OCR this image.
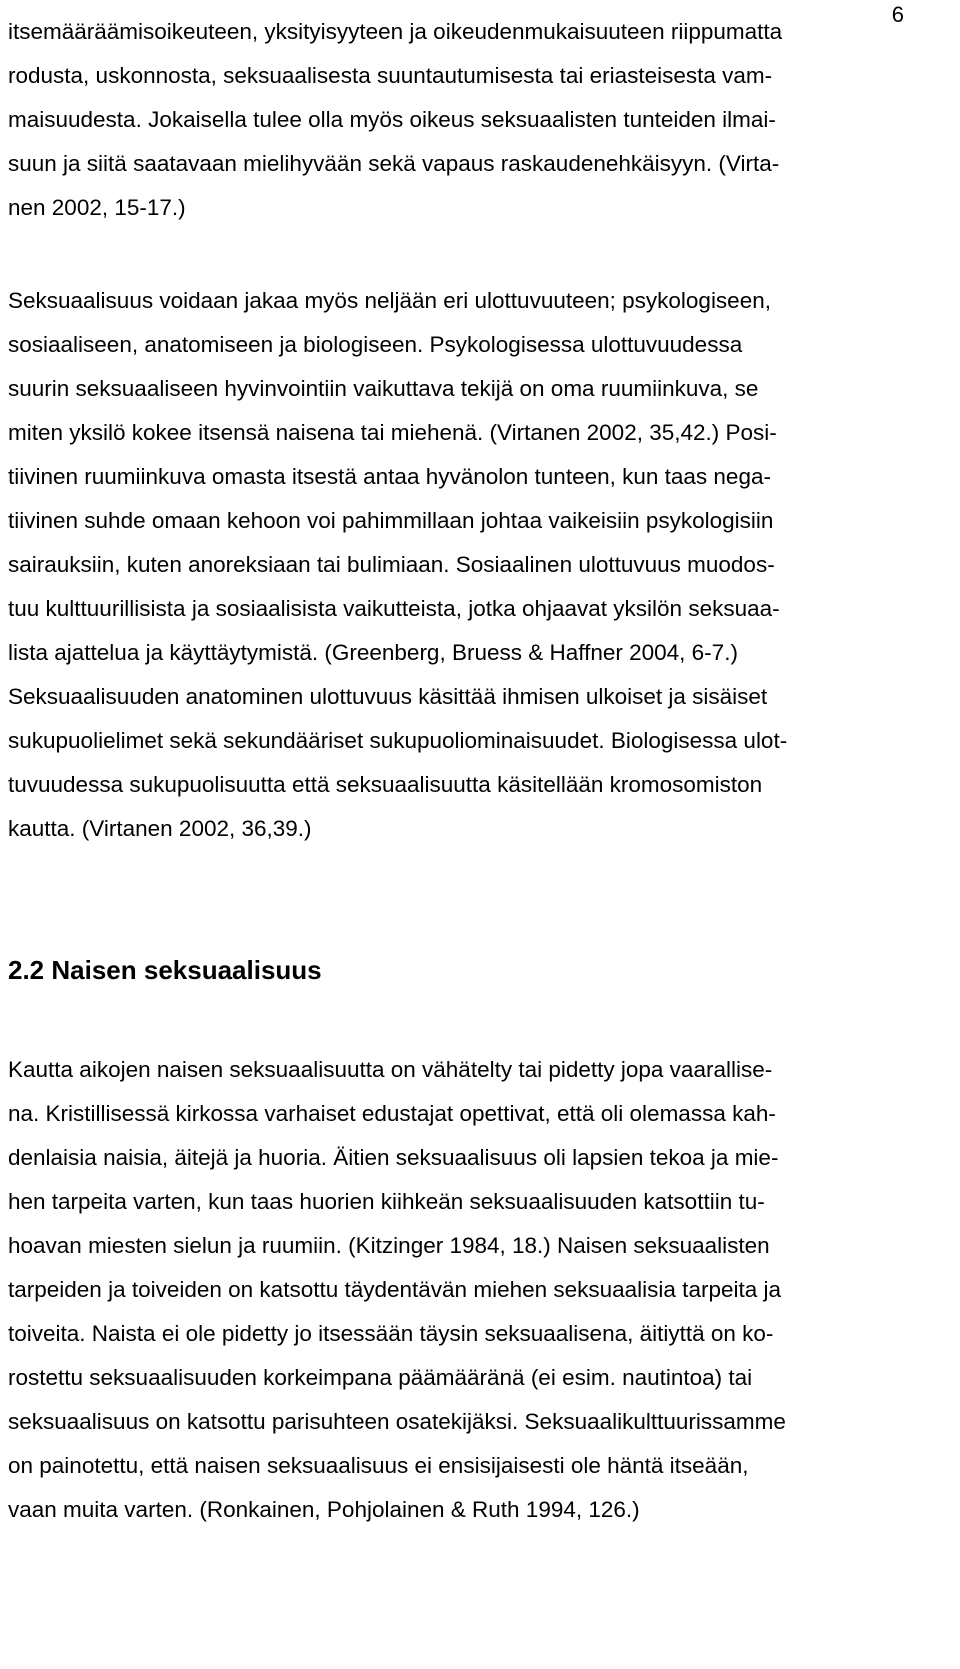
6
itsemääräämisoikeuteen, yksityisyyteen ja oikeudenmukaisuuteen riippumatta
rodusta, uskonnosta, seksuaalisesta suuntautumisesta tai eriasteisesta vam-
maisuudesta. Jokaisella tulee olla myös oikeus seksuaalisten tunteiden ilmai-
suun ja siitä saatavaan mielihyvään sekä vapaus raskaudenehkäisyyn. (Virta-
nen 2002, 15-17.)
Seksuaalisuus voidaan jakaa myös neljään eri ulottuvuuteen; psykologiseen,
sosiaaliseen, anatomiseen ja biologiseen. Psykologisessa ulottuvuudessa
suurin seksuaaliseen hyvinvointiin vaikuttava tekijä on oma ruumiinkuva, se
miten yksilö kokee itsensä naisena tai miehenä. (Virtanen 2002, 35,42.) Posi-
tiivinen ruumiinkuva omasta itsestä antaa hyvänolon tunteen, kun taas nega-
tiivinen suhde omaan kehoon voi pahimmillaan johtaa vaikeisiin psykologisiin
sairauksiin, kuten anoreksiaan tai bulimiaan. Sosiaalinen ulottuvuus muodos-
tuu kulttuurillisista ja sosiaalisista vaikutteista, jotka ohjaavat yksilön seksuaa-
lista ajattelua ja käyttäytymistä. (Greenberg, Bruess & Haffner 2004, 6-7.)
Seksuaalisuuden anatominen ulottuvuus käsittää ihmisen ulkoiset ja sisäiset
sukupuolielimet sekä sekundääriset sukupuoliominaisuudet. Biologisessa ulot-
tuvuudessa sukupuolisuutta että seksuaalisuutta käsitellään kromosomiston
kautta. (Virtanen 2002, 36,39.)
2.2 Naisen seksuaalisuus
Kautta aikojen naisen seksuaalisuutta on vähätelty tai pidetty jopa vaarallise-
na. Kristillisessä kirkossa varhaiset edustajat opettivat, että oli olemassa kah-
denlaisia naisia, äitejä ja huoria. Äitien seksuaalisuus oli lapsien tekoa ja mie-
hen tarpeita varten, kun taas huorien kiihkeän seksuaalisuuden katsottiin tu-
hoavan miesten sielun ja ruumiin. (Kitzinger 1984, 18.) Naisen seksuaalisten
tarpeiden ja toiveiden on katsottu täydentävän miehen seksuaalisia tarpeita ja
toiveita. Naista ei ole pidetty jo itsessään täysin seksuaalisena, äitiyttä on ko-
rostettu seksuaalisuuden korkeimpana päämääränä (ei esim. nautintoa) tai
seksuaalisuus on katsottu parisuhteen osatekijäksi. Seksuaalikulttuurissamme
on painotettu, että naisen seksuaalisuus ei ensisijaisesti ole häntä itseään,
vaan muita varten. (Ronkainen, Pohjolainen & Ruth 1994, 126.)
